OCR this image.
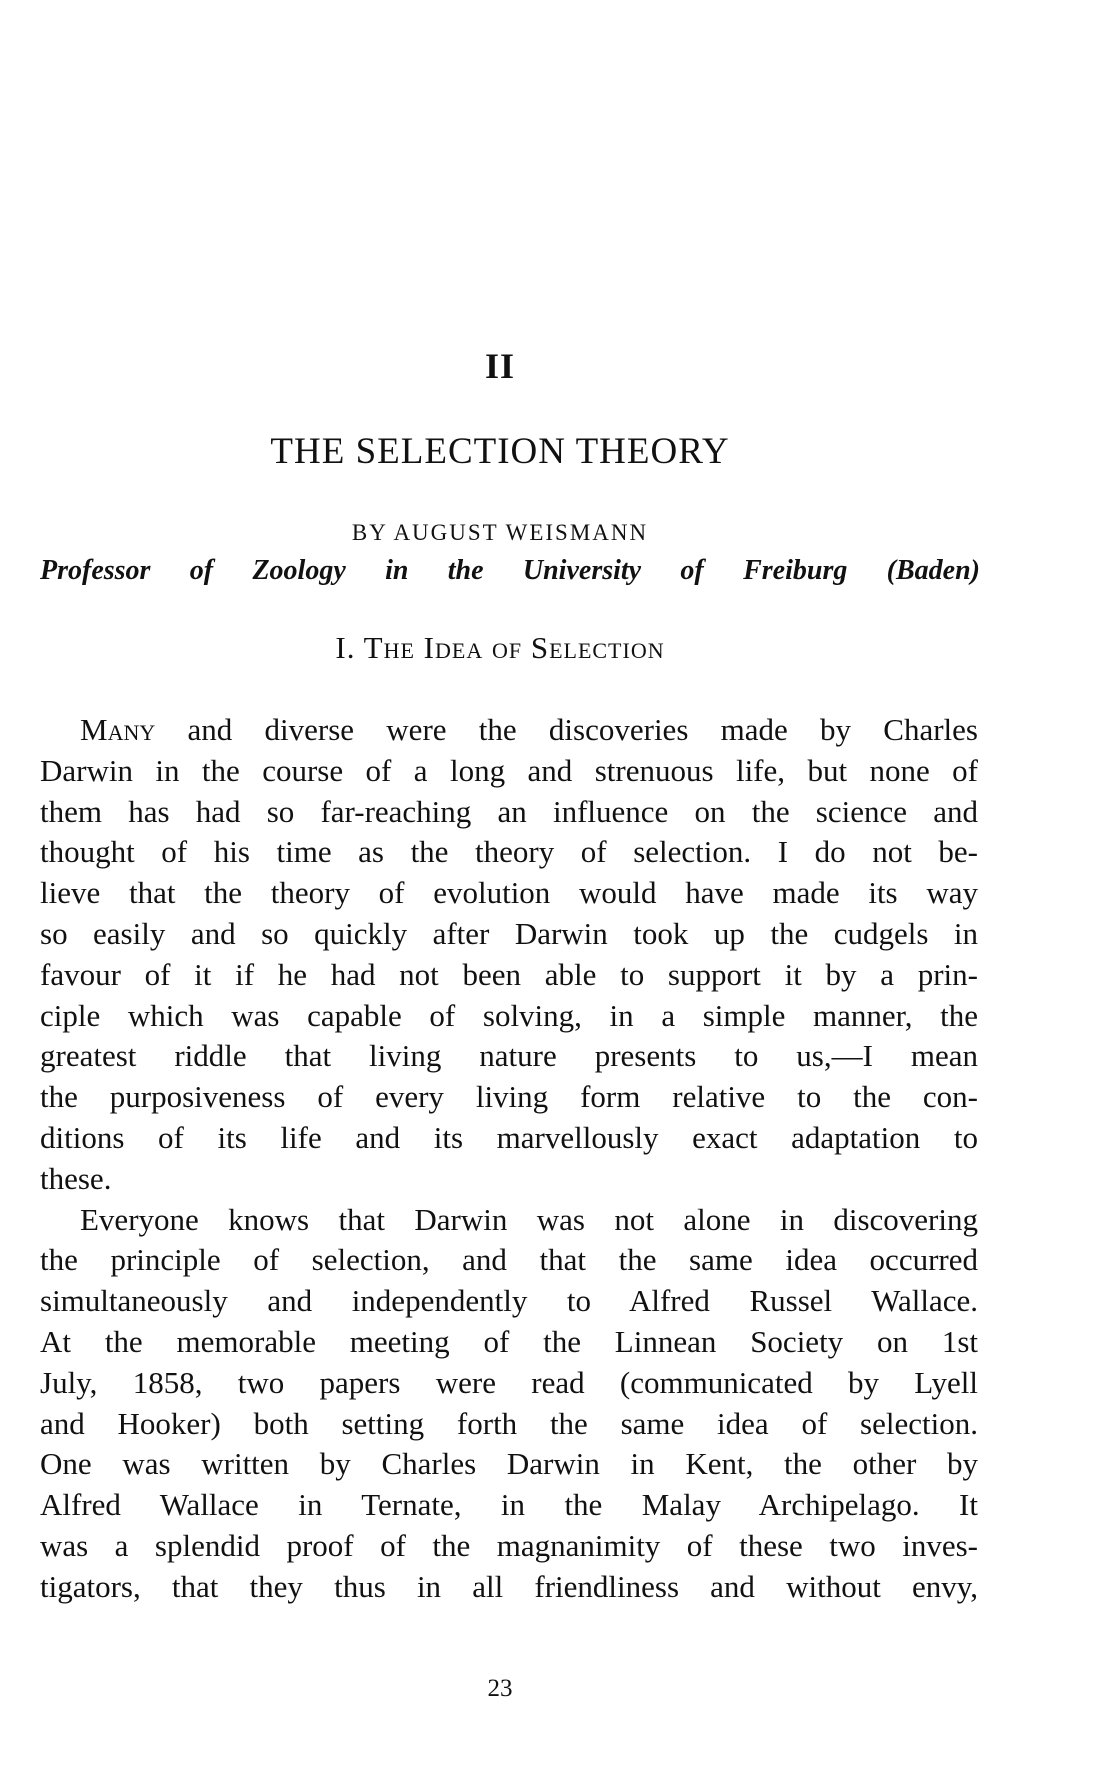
II
THE SELECTION THEORY
BY AUGUST WEISMANN
Professor of Zoology in the University of Freiburg (Baden)
I. The Idea of Selection
Many and diverse were the discoveries made by Charles
Darwin in the course of a long and strenuous life, but none of
them has had so far-reaching an influence on the science and
thought of his time as the theory of selection. I do not be-
lieve that the theory of evolution would have made its way
so easily and so quickly after Darwin took up the cudgels in
favour of it if he had not been able to support it by a prin-
ciple which was capable of solving, in a simple manner, the
greatest riddle that living nature presents to us,—I mean
the purposiveness of every living form relative to the con-
ditions of its life and its marvellously exact adaptation to
these.
Everyone knows that Darwin was not alone in discovering
the principle of selection, and that the same idea occurred
simultaneously and independently to Alfred Russel Wallace.
At the memorable meeting of the Linnean Society on 1st
July, 1858, two papers were read (communicated by Lyell
and Hooker) both setting forth the same idea of selection.
One was written by Charles Darwin in Kent, the other by
Alfred Wallace in Ternate, in the Malay Archipelago. It
was a splendid proof of the magnanimity of these two inves-
tigators, that they thus in all friendliness and without envy,
23
